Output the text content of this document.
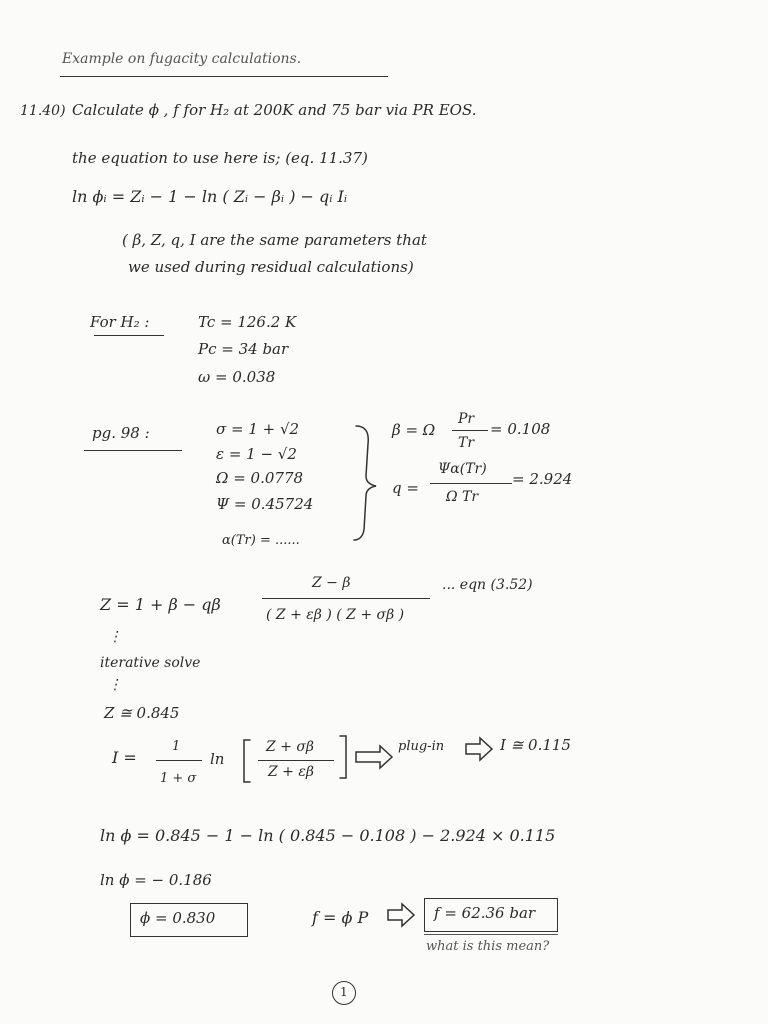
Example on fugacity calculations.
11.40) Calculate ϕ , f for H₂ at 200K and 75 bar via PR EOS.
the equation to use here is; (eq. 11.37)
ln ϕᵢ = Zᵢ − 1 − ln ( Zᵢ − βᵢ ) − qᵢ Iᵢ
( β, Z, q, I are the same parameters that
we used during residual calculations)
For H₂ :	Tc = 126.2 K
Pc = 34 bar
ω = 0.038
pg. 98 :	σ = 1 + √2
ε = 1 − √2
Ω = 0.0778
Ψ = 0.45724
α(Tr) = ......
β = Ω
Pr
Tr
= 0.108
q =
Ψα(Tr)
Ω Tr
= 2.924
Z = 1 + β − qβ
Z − β
( Z + εβ ) ( Z + σβ )
... eqn (3.52)
⋮
iterative solve
⋮
Z ≅ 0.845
I =
1
1 + σ
ln
Z + σβ
Z + εβ
plug-in	I ≅ 0.115
ln ϕ = 0.845 − 1 − ln ( 0.845 − 0.108 ) − 2.924 × 0.115
ln ϕ = − 0.186
ϕ = 0.830	f = ϕ P	f = 62.36 bar
what is this mean?
1
